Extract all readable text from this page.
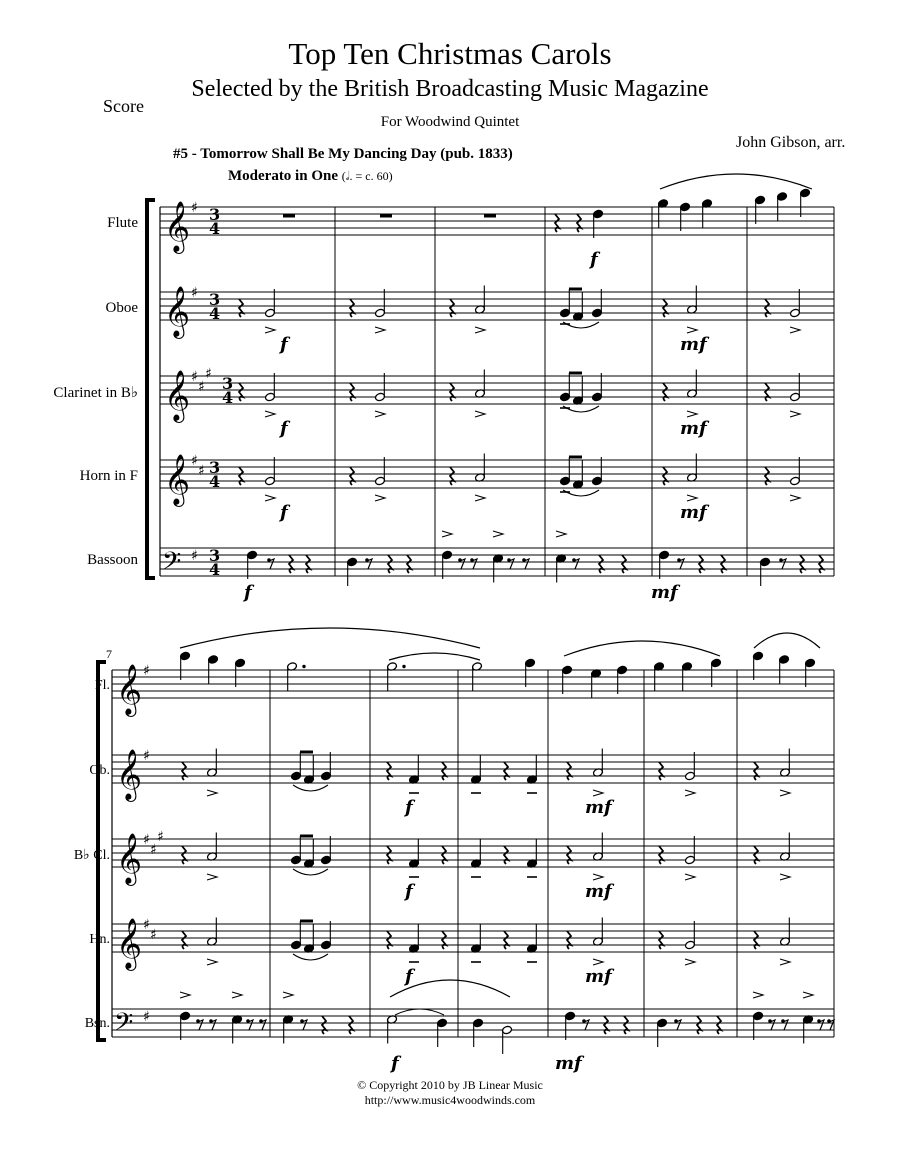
Top Ten Christmas Carols
Selected by the British Broadcasting Music Magazine
For Woodwind Quintet
Score
John Gibson, arr.
#5 - Tomorrow Shall Be My Dancing Day (pub. 1833)
Moderato in One (𝅗𝅥. = c. 60)
Flute
Oboe
Clarinet in B♭
Horn in F
Bassoon
7
Fl.
Ob.
B♭ Cl.
Hn.
Bsn.
𝄞
𝄞
𝄞
𝄞
𝄢
♯
♯
♯
♯
♯
♯
♯
♯
3
4
3
4
3
4
3
4
3
4
f
f	mf
f	mf
f	mf
f	mf
𝄞
𝄞
𝄞
𝄞
𝄢
♯
♯
♯
♯
♯
♯
♯
♯
f	mf
f	mf
f	mf
f	mf
© Copyright 2010 by JB Linear Music
http://www.music4woodwinds.com
